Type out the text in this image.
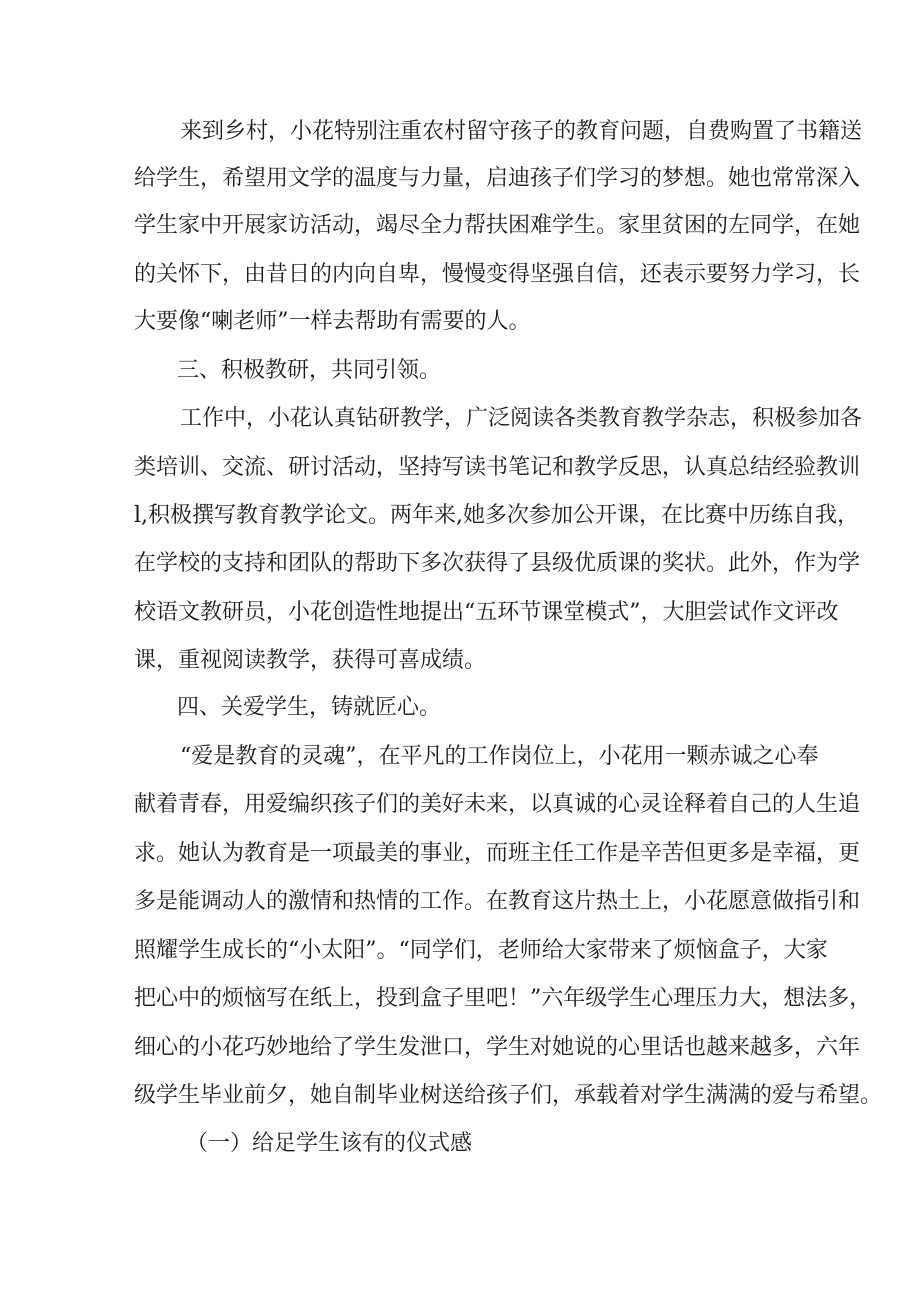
来到乡村，小花特别注重农村留守孩子的教育问题，自费购置了书籍送
给学生，希望用文学的温度与力量，启迪孩子们学习的梦想。她也常常深入
学生家中开展家访活动，竭尽全力帮扶困难学生。家里贫困的左同学，在她
的关怀下，由昔日的内向自卑，慢慢变得坚强自信，还表示要努力学习，长
大要像“喇老师”一样去帮助有需要的人。
三、积极教研，共同引领。
工作中，小花认真钻研教学，广泛阅读各类教育教学杂志，积极参加各
类培训、交流、研讨活动，坚持写读书笔记和教学反思，认真总结经验教训
l,积极撰写教育教学论文。两年来,她多次参加公开课，在比赛中历练自我，
在学校的支持和团队的帮助下多次获得了县级优质课的奖状。此外，作为学
校语文教研员，小花创造性地提出“五环节课堂模式”，大胆尝试作文评改
课，重视阅读教学，获得可喜成绩。
四、关爱学生，铸就匠心。
“爱是教育的灵魂”，在平凡的工作岗位上，小花用一颗赤诚之心奉
献着青春，用爱编织孩子们的美好未来，以真诚的心灵诠释着自己的人生追
求。她认为教育是一项最美的事业，而班主任工作是辛苦但更多是幸福，更
多是能调动人的激情和热情的工作。在教育这片热土上，小花愿意做指引和
照耀学生成长的“小太阳”。“同学们，老师给大家带来了烦恼盒子，大家
把心中的烦恼写在纸上，投到盒子里吧！”六年级学生心理压力大，想法多，
细心的小花巧妙地给了学生发泄口，学生对她说的心里话也越来越多，六年
级学生毕业前夕，她自制毕业树送给孩子们，承载着对学生满满的爱与希望。
（一）给足学生该有的仪式感
